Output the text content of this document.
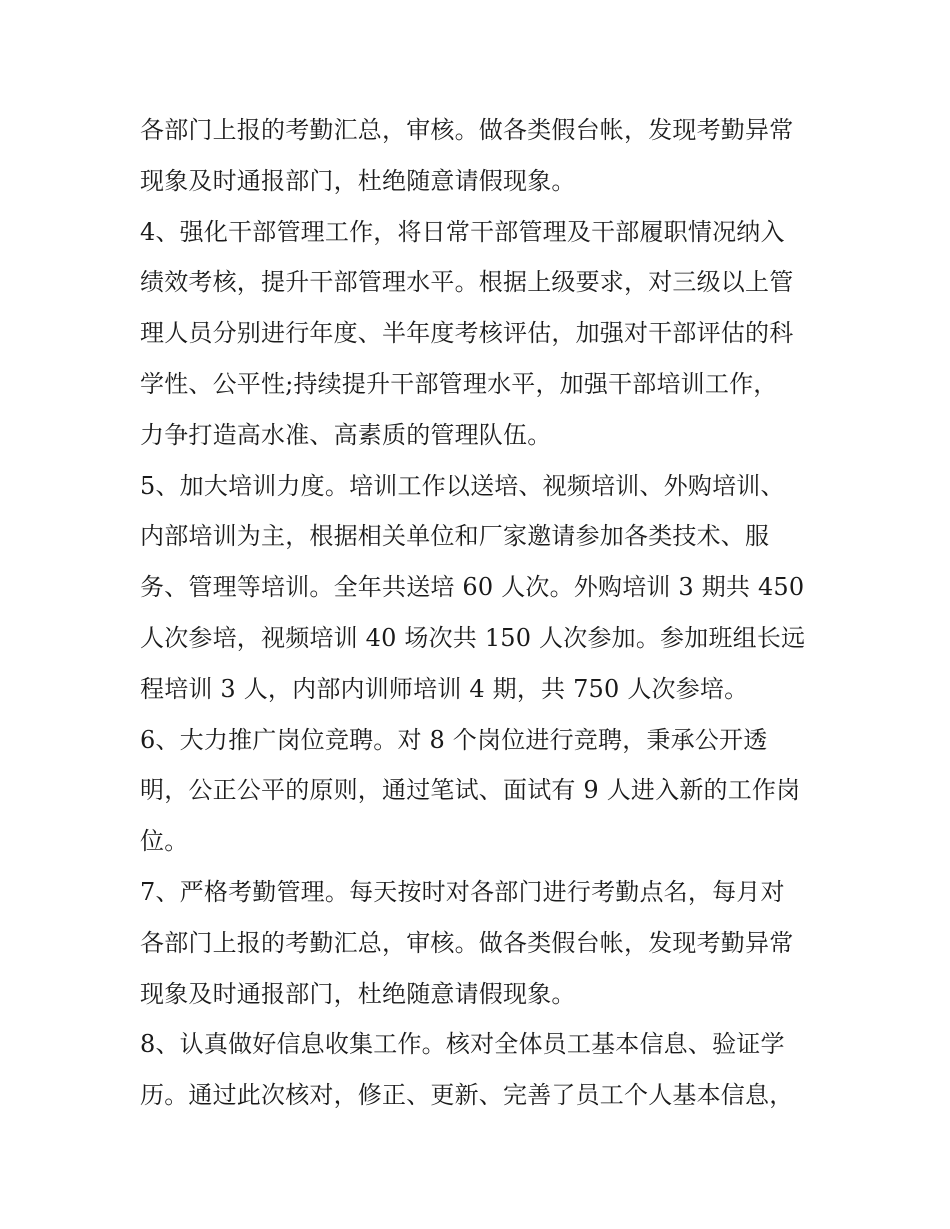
各部门上报的考勤汇总，审核。做各类假台帐，发现考勤异常
现象及时通报部门，杜绝随意请假现象。
4、强化干部管理工作，将日常干部管理及干部履职情况纳入
绩效考核，提升干部管理水平。根据上级要求，对三级以上管
理人员分别进行年度、半年度考核评估，加强对干部评估的科
学性、公平性;持续提升干部管理水平，加强干部培训工作，
力争打造高水准、高素质的管理队伍。
5、加大培训力度。培训工作以送培、视频培训、外购培训、
内部培训为主，根据相关单位和厂家邀请参加各类技术、服
务、管理等培训。全年共送培 60 人次。外购培训 3 期共 450
人次参培，视频培训 40 场次共 150 人次参加。参加班组长远
程培训 3 人，内部内训师培训 4 期，共 750 人次参培。
6、大力推广岗位竞聘。对 8 个岗位进行竞聘，秉承公开透
明，公正公平的原则，通过笔试、面试有 9 人进入新的工作岗
位。
7、严格考勤管理。每天按时对各部门进行考勤点名，每月对
各部门上报的考勤汇总，审核。做各类假台帐，发现考勤异常
现象及时通报部门，杜绝随意请假现象。
8、认真做好信息收集工作。核对全体员工基本信息、验证学
历。通过此次核对，修正、更新、完善了员工个人基本信息，
